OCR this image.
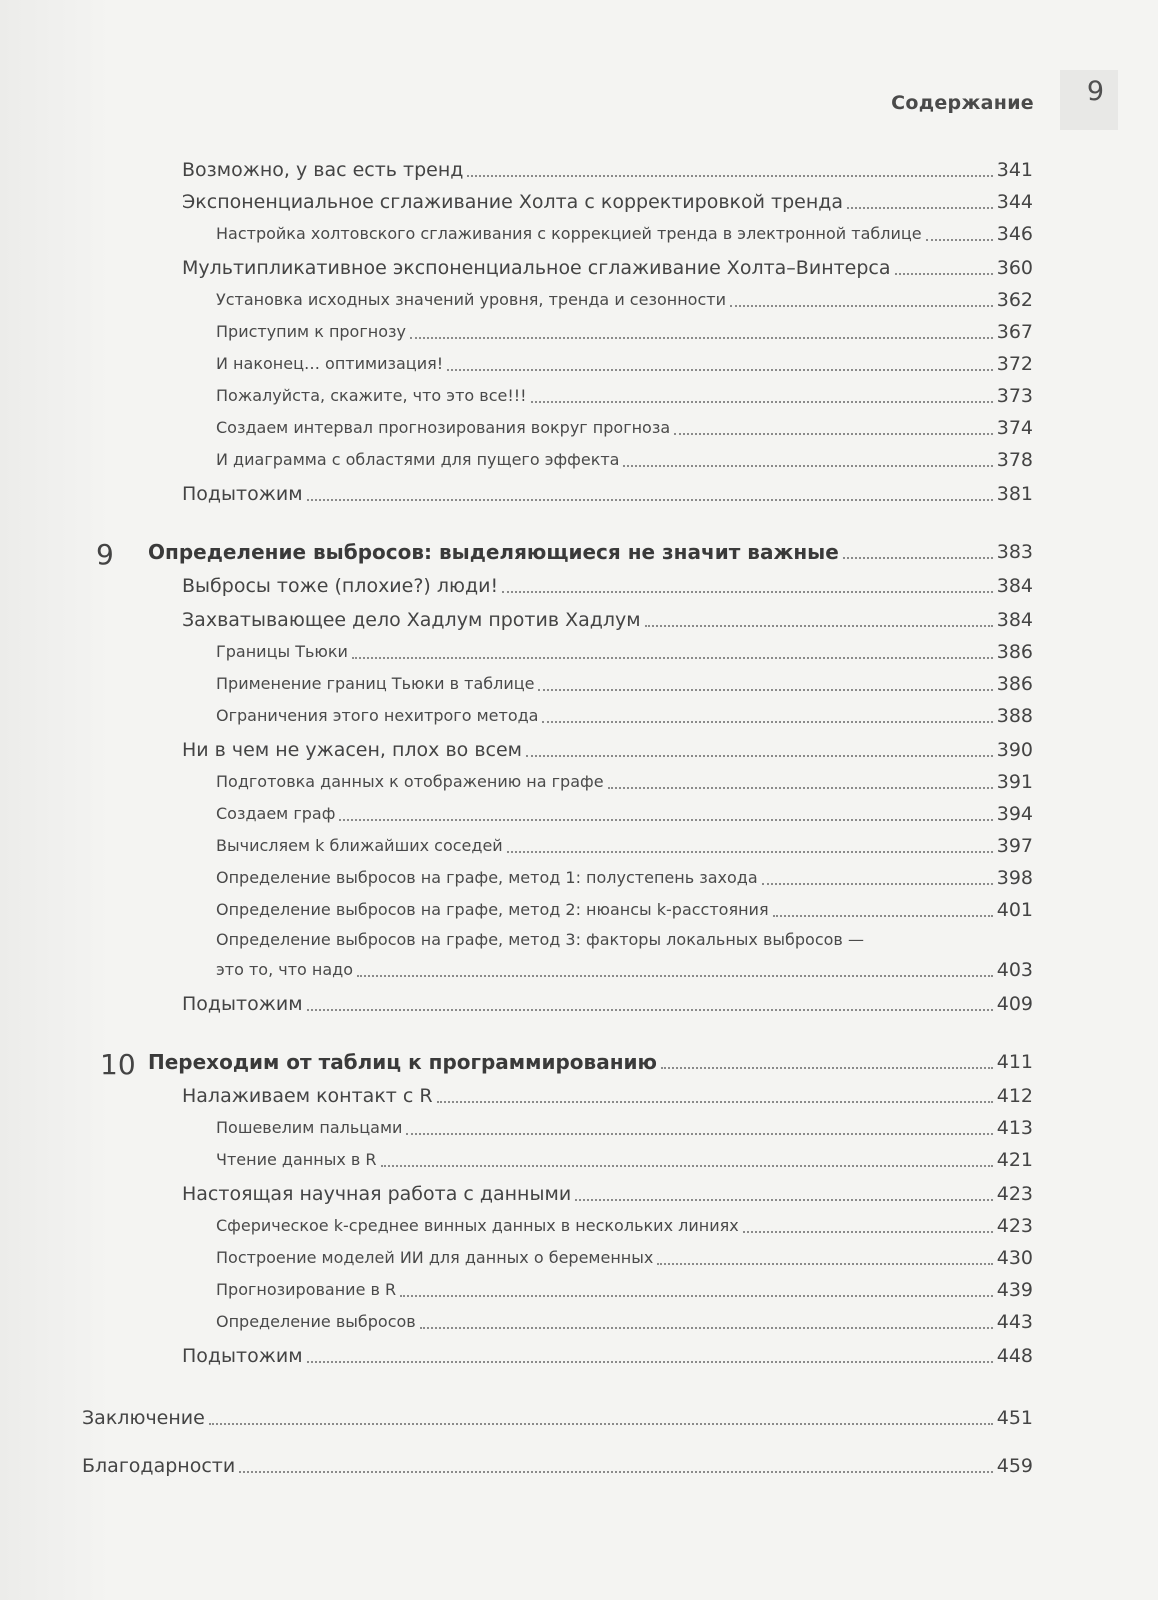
Содержание 9
Возможно, у вас есть тренд	341
Экспоненциальное сглаживание Холта с корректировкой тренда	344
Настройка холтовского сглаживания с коррекцией тренда в электронной таблице	346
Мультипликативное экспоненциальное сглаживание Холта–Винтерса	360
Установка исходных значений уровня, тренда и сезонности	362
Приступим к прогнозу	367
И наконец… оптимизация!	372
Пожалуйста, скажите, что это все!!!	373
Создаем интервал прогнозирования вокруг прогноза	374
И диаграмма с областями для пущего эффекта	378
Подытожим	381
9	Определение выбросов: выделяющиеся не значит важные	383
Выбросы тоже (плохие?) люди!	384
Захватывающее дело Хадлум против Хадлум	384
Границы Тьюки	386
Применение границ Тьюки в таблице	386
Ограничения этого нехитрого метода	388
Ни в чем не ужасен, плох во всем	390
Подготовка данных к отображению на графе	391
Создаем граф	394
Вычисляем k ближайших соседей	397
Определение выбросов на графе, метод 1: полустепень захода	398
Определение выбросов на графе, метод 2: нюансы k-расстояния	401
Определение выбросов на графе, метод 3: факторы локальных выбросов —
это то, что надо	403
Подытожим	409
10 Переходим от таблиц к программированию	411
Налаживаем контакт с R	412
Пошевелим пальцами	413
Чтение данных в R	421
Настоящая научная работа с данными	423
Сферическое k-среднее винных данных в нескольких линиях	423
Построение моделей ИИ для данных о беременных	430
Прогнозирование в R	439
Определение выбросов	443
Подытожим	448
Заключение	451
Благодарности	459
